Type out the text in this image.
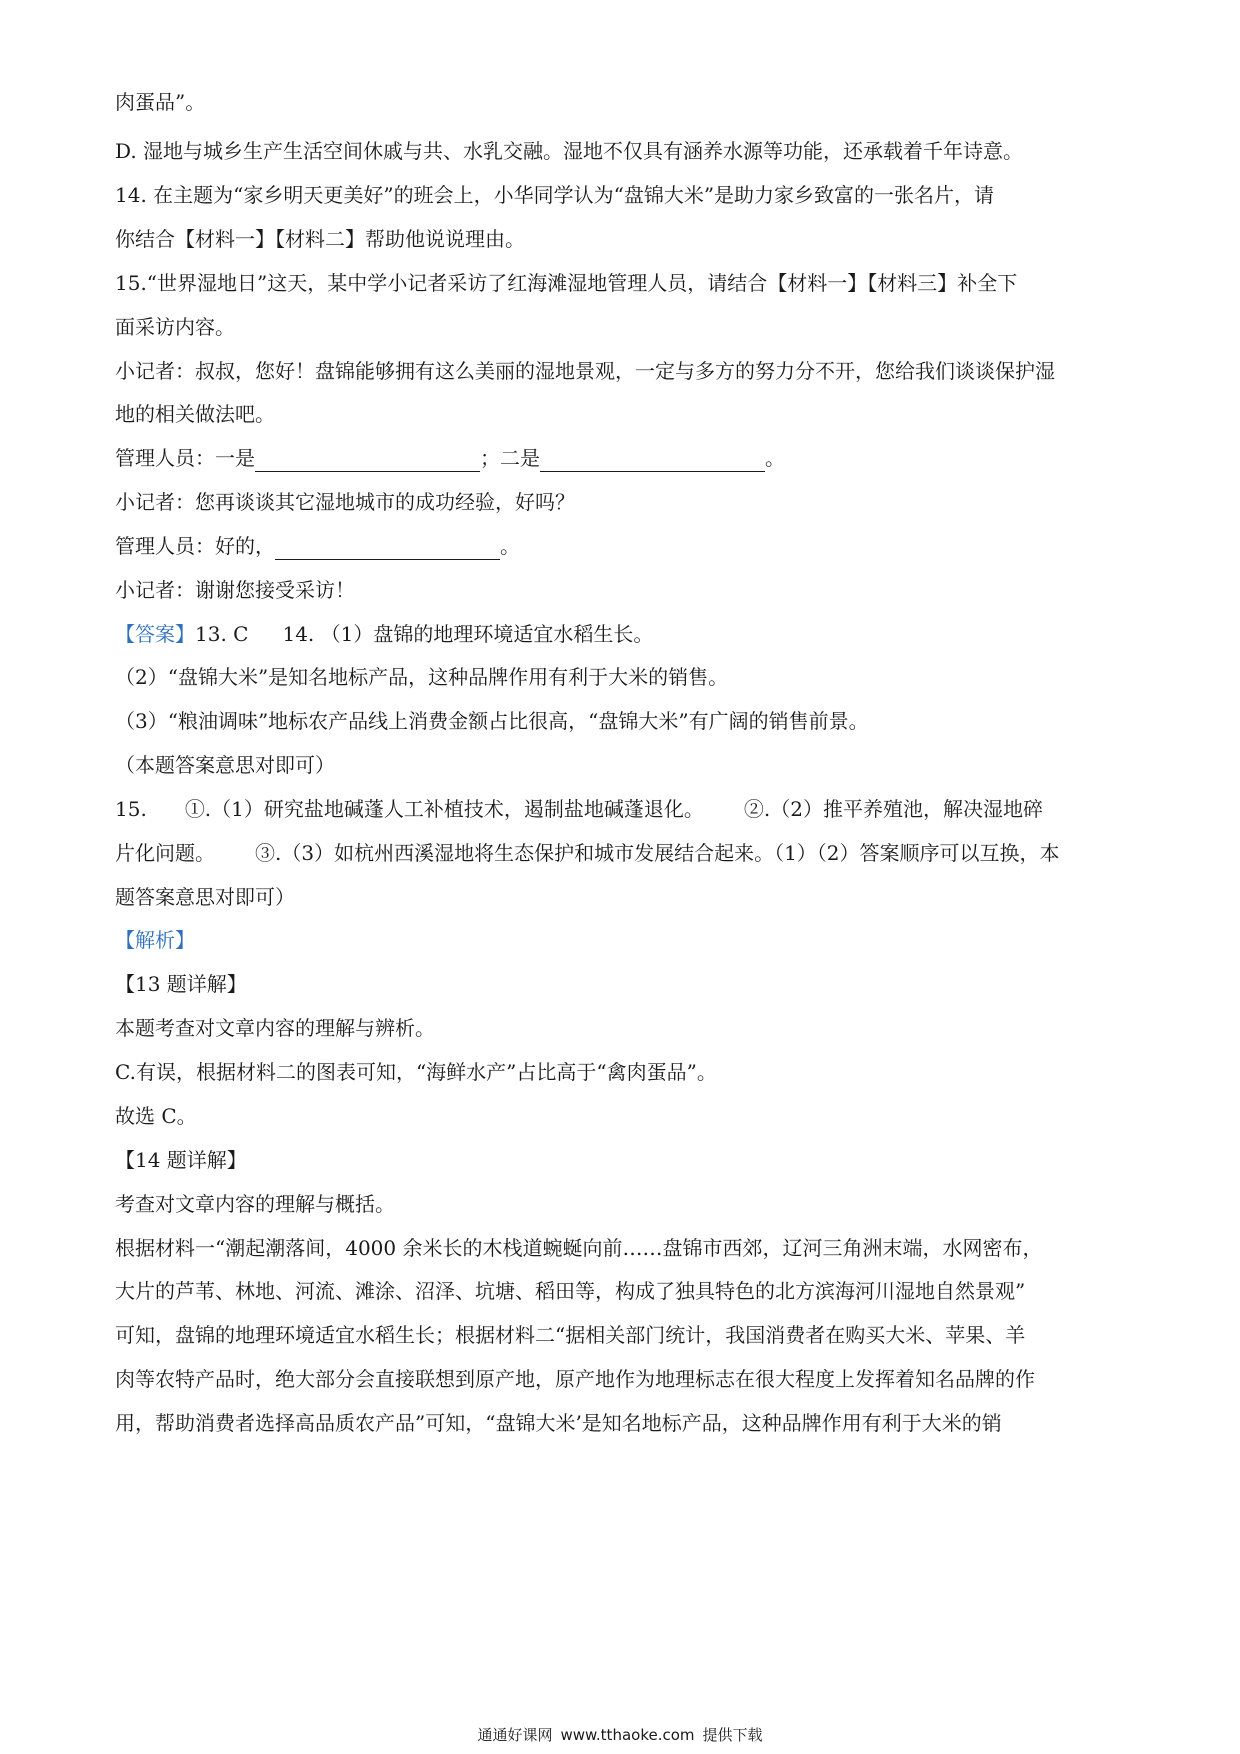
肉蛋品”。
D. 湿地与城乡生产生活空间休戚与共、水乳交融。湿地不仅具有涵养水源等功能，还承载着千年诗意。
14. 在主题为“家乡明天更美好”的班会上，小华同学认为“盘锦大米”是助力家乡致富的一张名片，请
你结合【材料一】【材料二】帮助他说说理由。
15.“世界湿地日”这天，某中学小记者采访了红海滩湿地管理人员，请结合【材料一】【材料三】补全下
面采访内容。
小记者：叔叔，您好！盘锦能够拥有这么美丽的湿地景观，一定与多方的努力分不开，您给我们谈谈保护湿
地的相关做法吧。
管理人员：一是	；二是	。
小记者：您再谈谈其它湿地城市的成功经验，好吗？
管理人员：好的，	。
小记者：谢谢您接受采访！
【答案】13. C 14. （1）盘锦的地理环境适宜水稻生长。
（2）“盘锦大米”是知名地标产品，这种品牌作用有利于大米的销售。
（3）“粮油调味”地标农产品线上消费金额占比很高，“盘锦大米”有广阔的销售前景。
（本题答案意思对即可）
15. ①.（1）研究盐地碱蓬人工补植技术，遏制盐地碱蓬退化。 ②.（2）推平养殖池，解决湿地碎
片化问题。 ③.（3）如杭州西溪湿地将生态保护和城市发展结合起来。（1）（2）答案顺序可以互换，本
题答案意思对即可）
【解析】
【13 题详解】
本题考查对文章内容的理解与辨析。
C.有误，根据材料二的图表可知，“海鲜水产”占比高于“禽肉蛋品”。
故选 C。
【14 题详解】
考查对文章内容的理解与概括。
根据材料一“潮起潮落间，4000 余米长的木栈道蜿蜒向前……盘锦市西郊，辽河三角洲末端，水网密布，
大片的芦苇、林地、河流、滩涂、沼泽、坑塘、稻田等，构成了独具特色的北方滨海河川湿地自然景观”
可知，盘锦的地理环境适宜水稻生长；根据材料二“据相关部门统计，我国消费者在购买大米、苹果、羊
肉等农特产品时，绝大部分会直接联想到原产地，原产地作为地理标志在很大程度上发挥着知名品牌的作
用，帮助消费者选择高品质农产品”可知，“盘锦大米’是知名地标产品，这种品牌作用有利于大米的销
通通好课网 www.tthaoke.com 提供下载
